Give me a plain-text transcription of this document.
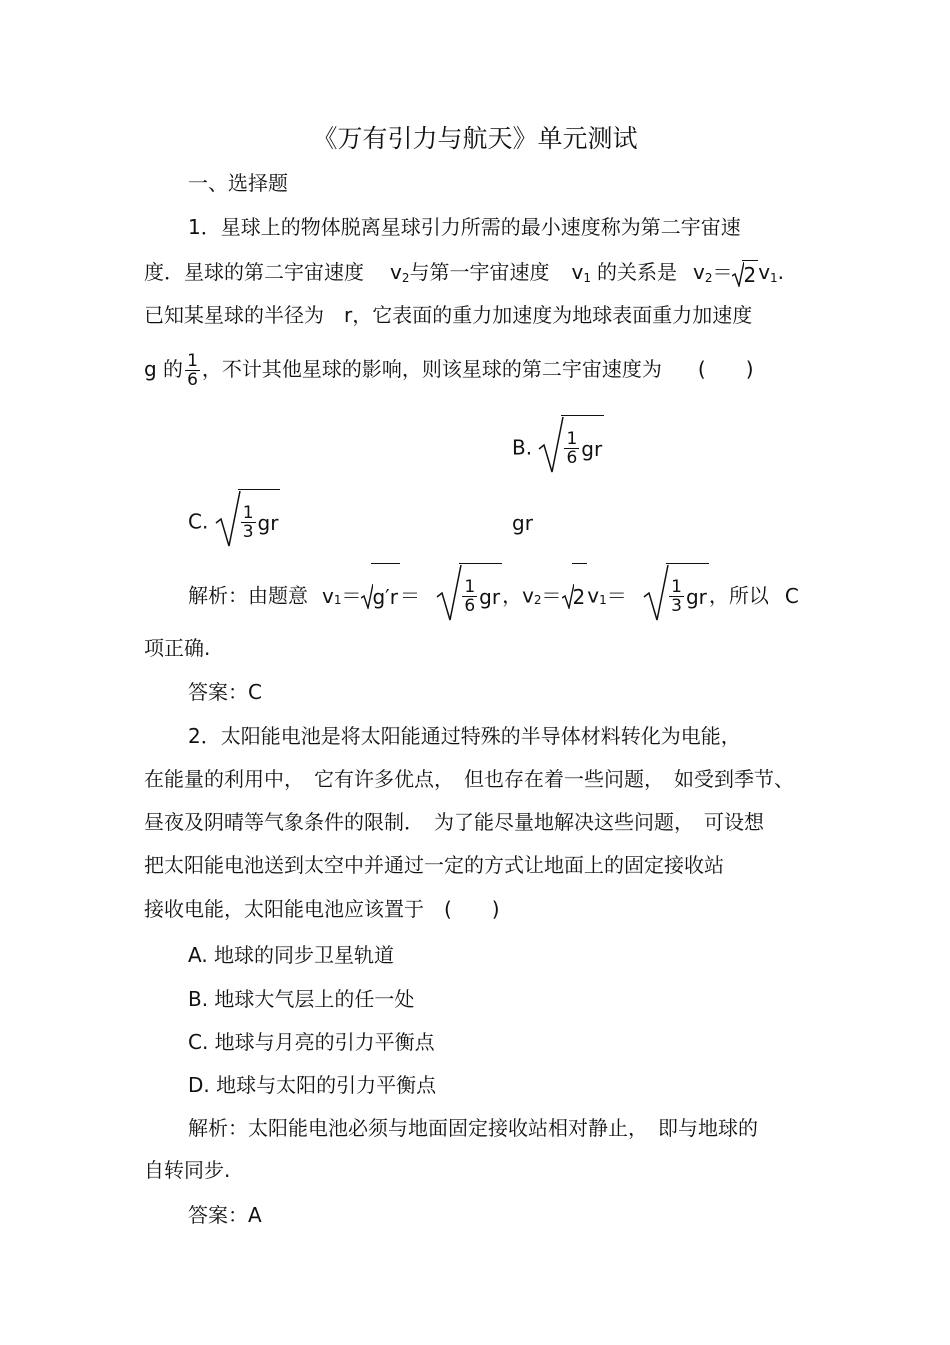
《万有引力与航天》单元测试
一、选择题
1．星球上的物体脱离星球引力所需的最小速度称为第二宇宙速
度．星球的第二宇宙速度 $v_2$与第一宇宙速度 $v_1$ 的关系是 $v_2= 2$ $v_1$.
已知某星球的半径为　r，它表面的重力加速度为地球表面重力加速度
g 的 $\frac{1}{6}$ ，不计其他星球的影响，则该星球的第二宇宙速度为 (　　)
B. $\frac{1}{6}$ gr
C. $\frac{1}{3}$ gr	gr
解析：由题意 $v_1= g'r = \frac{1}{6}$ gr ，$v_2= 2$ $v_1= \frac{1}{3}$ gr ，所以 C
项正确.
答案：C
2．太阳能电池是将太阳能通过特殊的半导体材料转化为电能，
在能量的利用中，　它有许多优点，　但也存在着一些问题，　如受到季节、
昼夜及阴晴等气象条件的限制．　为了能尽量地解决这些问题，　可设想
把太阳能电池送到太空中并通过一定的方式让地面上的固定接收站
接收电能，太阳能电池应该置于　(　　)
A. 地球的同步卫星轨道
B. 地球大气层上的任一处
C. 地球与月亮的引力平衡点
D. 地球与太阳的引力平衡点
解析：太阳能电池必须与地面固定接收站相对静止，　即与地球的
自转同步.
答案：A
